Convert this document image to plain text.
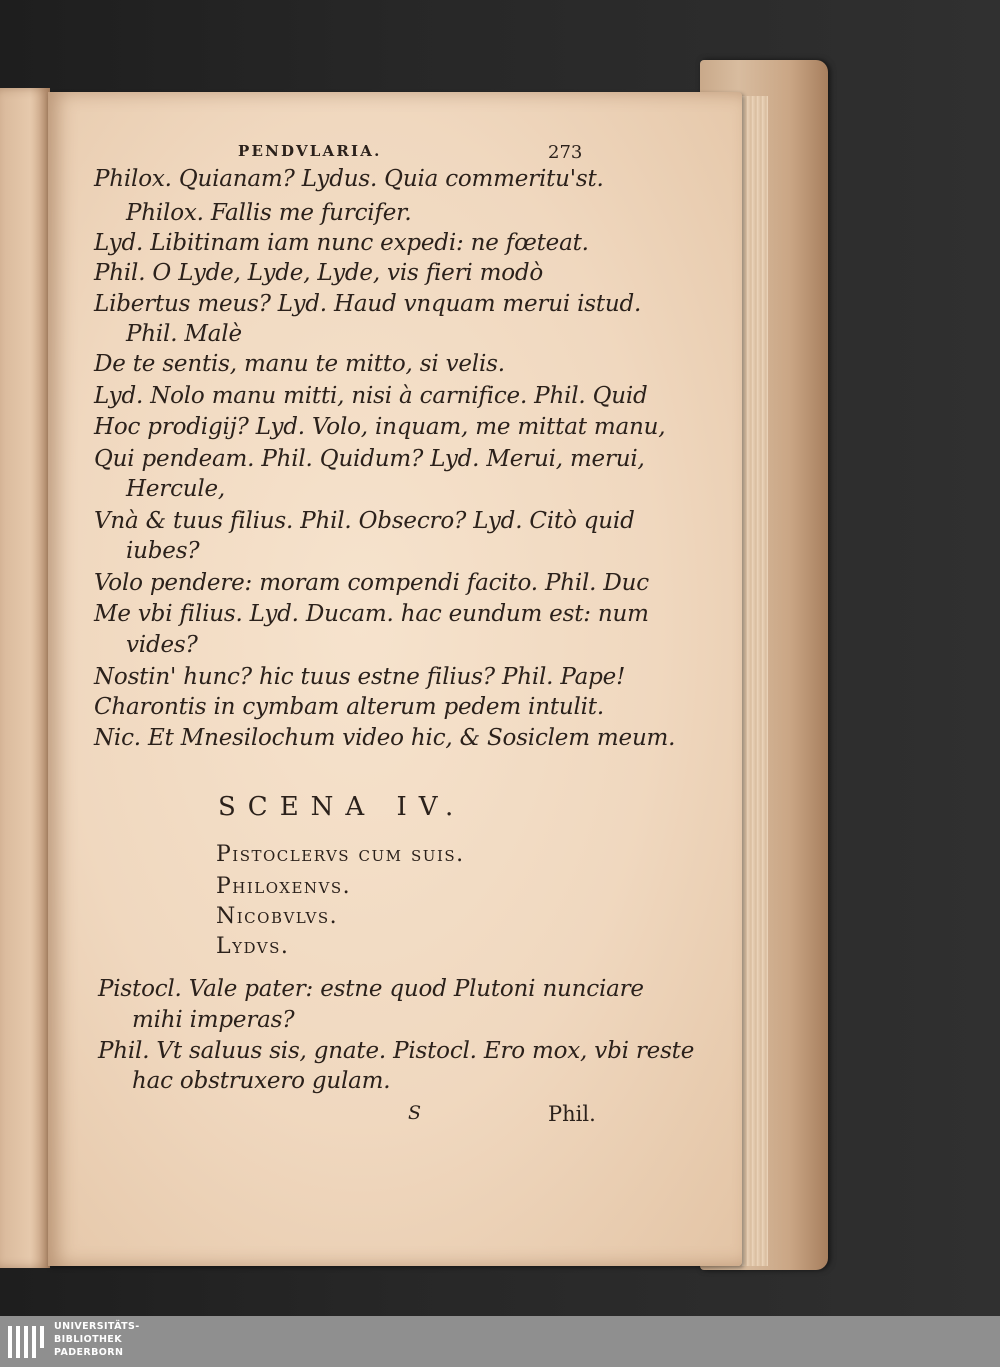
PENDVLARIA.	273
Philox. Quianam? Lydus. Quia commeritu'st.
Philox. Fallis me furcifer.
Lyd. Libitinam iam nunc expedi: ne fœteat.
Phil. O Lyde, Lyde, Lyde, vis fieri modò
Libertus meus? Lyd. Haud vnquam merui istud.
Phil. Malè
De te sentis, manu te mitto, si velis.
Lyd. Nolo manu mitti, nisi à carnifice. Phil. Quid
Hoc prodigij? Lyd. Volo, inquam, me mittat manu,
Qui pendeam. Phil. Quidum? Lyd. Merui, merui,
Hercule,
Vnà & tuus filius. Phil. Obsecro? Lyd. Citò quid
iubes?
Volo pendere: moram compendi facito. Phil. Duc
Me vbi filius. Lyd. Ducam. hac eundum est: num
vides?
Nostin' hunc? hic tuus estne filius? Phil. Pape!
Charontis in cymbam alterum pedem intulit.
Nic. Et Mnesilochum video hic, & Sosiclem meum.
SCENA IV.
Pistoclervs cum suis.
Philoxenvs.
Nicobvlvs.
Lydvs.
Pistocl. Vale pater: estne quod Plutoni nunciare
mihi imperas?
Phil. Vt saluus sis, gnate. Pistocl. Ero mox, vbi reste
hac obstruxero gulam.
S	Phil.
UNIVERSITÄTS-
BIBLIOTHEK
PADERBORN
